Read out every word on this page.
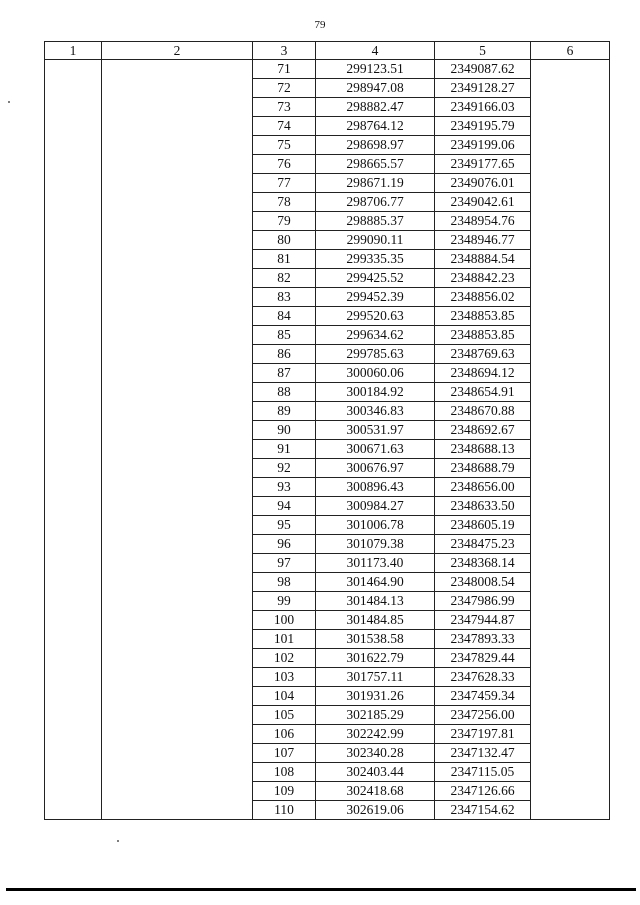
79
1	2	3	4	5	6
		71	299123.51	2349087.62	
		72	298947.08	2349128.27	
		73	298882.47	2349166.03	
		74	298764.12	2349195.79	
		75	298698.97	2349199.06	
		76	298665.57	2349177.65	
		77	298671.19	2349076.01	
		78	298706.77	2349042.61	
		79	298885.37	2348954.76	
		80	299090.11	2348946.77	
		81	299335.35	2348884.54	
		82	299425.52	2348842.23	
		83	299452.39	2348856.02	
		84	299520.63	2348853.85	
		85	299634.62	2348853.85	
		86	299785.63	2348769.63	
		87	300060.06	2348694.12	
		88	300184.92	2348654.91	
		89	300346.83	2348670.88	
		90	300531.97	2348692.67	
		91	300671.63	2348688.13	
		92	300676.97	2348688.79	
		93	300896.43	2348656.00	
		94	300984.27	2348633.50	
		95	301006.78	2348605.19	
		96	301079.38	2348475.23	
		97	301173.40	2348368.14	
		98	301464.90	2348008.54	
		99	301484.13	2347986.99	
		100	301484.85	2347944.87	
		101	301538.58	2347893.33	
		102	301622.79	2347829.44	
		103	301757.11	2347628.33	
		104	301931.26	2347459.34	
		105	302185.29	2347256.00	
		106	302242.99	2347197.81	
		107	302340.28	2347132.47	
		108	302403.44	2347115.05	
		109	302418.68	2347126.66	
		110	302619.06	2347154.62	
